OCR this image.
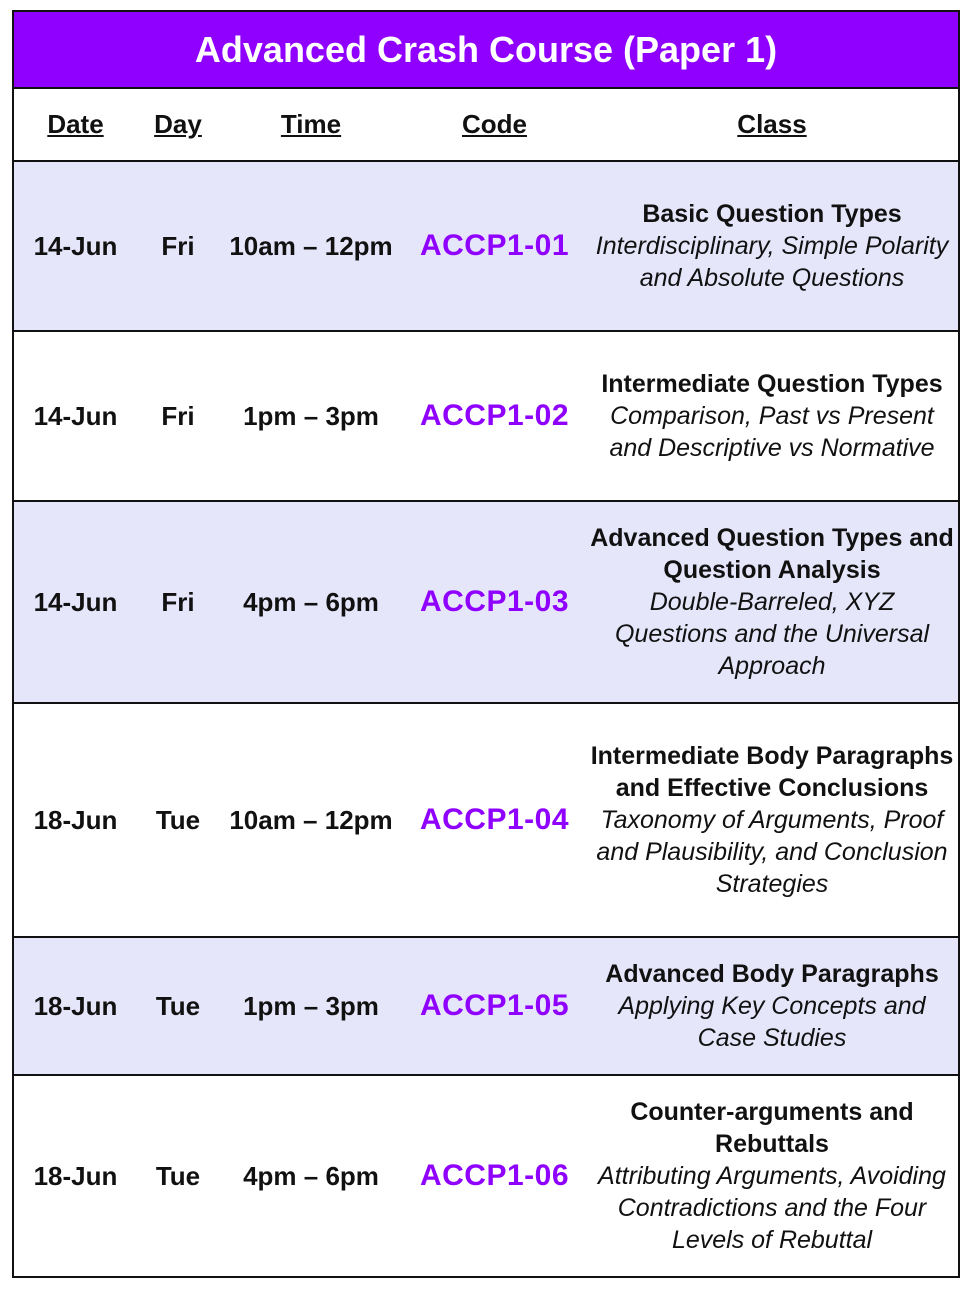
Advanced Crash Course (Paper 1)
Date Day	Time	Code	Class
14-Jun	Fri	10am – 12pm ACCP1-01
Basic Question Types
Interdisciplinary, Simple Polarity and Absolute Questions
14-Jun	Fri	1pm – 3pm	ACCP1-02
Intermediate Question Types
Comparison, Past vs Present and Descriptive vs Normative
14-Jun	Fri	4pm – 6pm	ACCP1-03
Advanced Question Types and Question Analysis
Double-Barreled, XYZ Questions and the Universal Approach
18-Jun	Tue	10am – 12pm ACCP1-04
Intermediate Body Paragraphs and Effective Conclusions
Taxonomy of Arguments, Proof and Plausibility, and Conclusion Strategies
18-Jun	Tue	1pm – 3pm	ACCP1-05
Advanced Body Paragraphs
Applying Key Concepts and Case Studies
18-Jun	Tue	4pm – 6pm	ACCP1-06
Counter-arguments and Rebuttals
Attributing Arguments, Avoiding Contradictions and the Four Levels of Rebuttal
